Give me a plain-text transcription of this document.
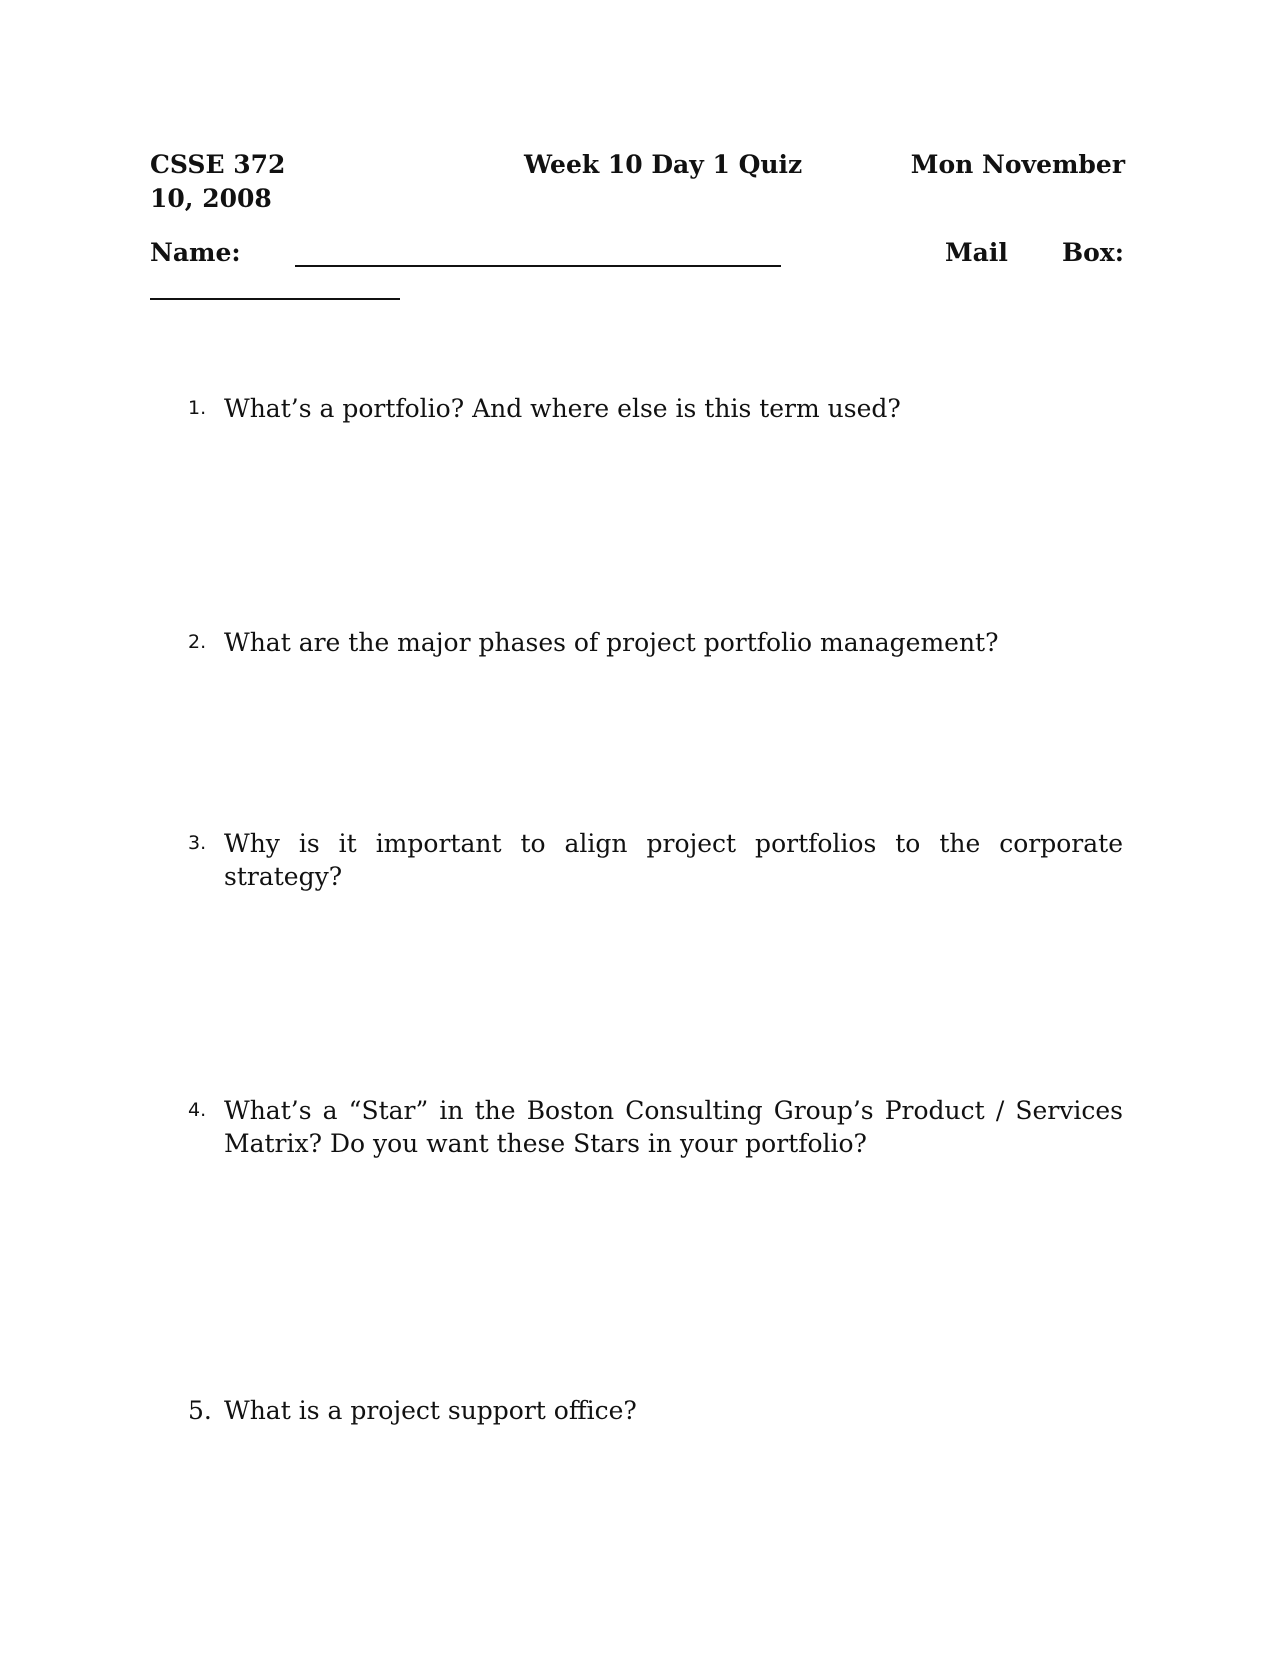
CSSE 372	Week 10 Day 1 Quiz	Mon November
10, 2008
Name:	Mail Box:
1. What’s a portfolio? And where else is this term used?
2. What are the major phases of project portfolio management?
3. Why is it important to align project portfolios to the corporate strategy?
4. What’s a “Star” in the Boston Consulting Group’s Product / Services Matrix? Do you want these Stars in your portfolio?
5. What is a project support office?
